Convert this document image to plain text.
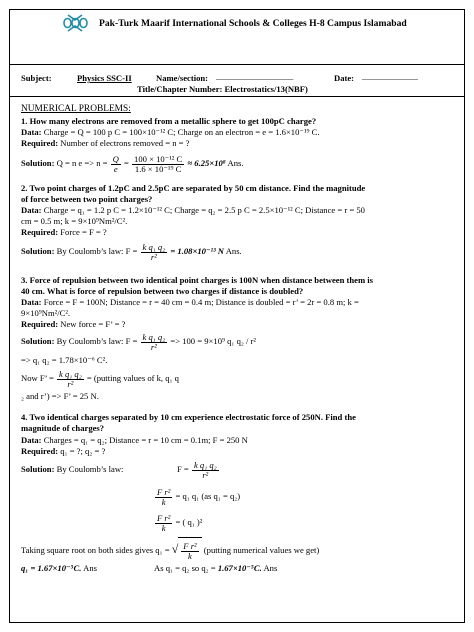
Pak-Turk Maarif International Schools & Colleges H-8 Campus Islamabad
Subject:	Physics SSC-II	Name/section: __________________	Date: _____________
Title/Chapter Number: Electrostatics/13(NBF)
NUMERICAL PROBLEMS:
1. How many electrons are removed from a metallic sphere to get 100pC charge?
Data: Charge = Q = 100 p C = 100×10⁻¹² C; Charge on an electron = e = 1.6×10⁻¹⁹ C.
Required: Number of electrons removed = n = ?
Solution: Q = n $e => n = \frac{Q}{e} = \frac{\text{100 × 10⁻¹² C}}{\text{1.6 × 10⁻¹⁹ C}} \approx 6.25\times 10^8$ Ans.
2. Two point charges of 1.2pC and 2.5pC are separated by 50 cm distance. Find the magnitude
of force between two point charges?
Data: Charge = q₁ = 1.2 p C = 1.2×10⁻¹² C; Charge = q₂ = 2.5 p C = 2.5×10⁻¹² C; Distance = r = 50
cm = 0.5 m; k = 9×10⁹Nm²/C².
Required: Force = F = ?
Solution: By Coulomb’s law: $F = \frac{\text{k q₁ q₂}}{\text{r²}} = 1.08\times 10^{-13}$ N Ans.
3. Force of repulsion between two identical point charges is 100N when distance between them is
40 cm. What is force of repulsion between two charges if distance is doubled?
Data: Force = F = 100N; Distance = r = 40 cm = 0.4 m; Distance is doubled = r’ = 2r = 0.8 m; k =
9×10⁹Nm²/C².
Required: New force = F’ = ?
Solution: By Coulomb’s law: $F = \frac{\text{k q₁ q₂}}{\text{r²}} => 100 = 9\times 10^9$ q₁ q₂ / r²
=> q₁ q₂ = 1.78×10⁻⁶ C².
Now F’ = $\frac{\text{k q₁ q₂}}{\text{r²}}$ = (putting values of k, q₁ q
₂ and r’) => F’ = 25 N.
4. Two identical charges separated by 10 cm experience electrostatic force of 250N. Find the
magnitude of charges?
Data: Charges = q₁ = q₂; Distance = r = 10 cm = 0.1m; F = 250 N
Required: q₁ = ?; q₂ = ?
Solution: By Coulomb’s law:	$F = \frac{\text{k q₁ q₂}}{\text{r²}}$
$\frac{\text{F r²}}{k} = q_1$ q₁ (as q₁ = q₂)
$\frac{\text{F r²}}{k}$ = ( q₁ )²
Taking square root on both sides gives q₁ = √ $\frac{\text{F r²}}{k}$ (putting numerical values we get)
q₁ = 1.67×10⁻⁵C. Ans	As q₁ = q₂ so q₂ = 1.67×10⁻⁵C. Ans
